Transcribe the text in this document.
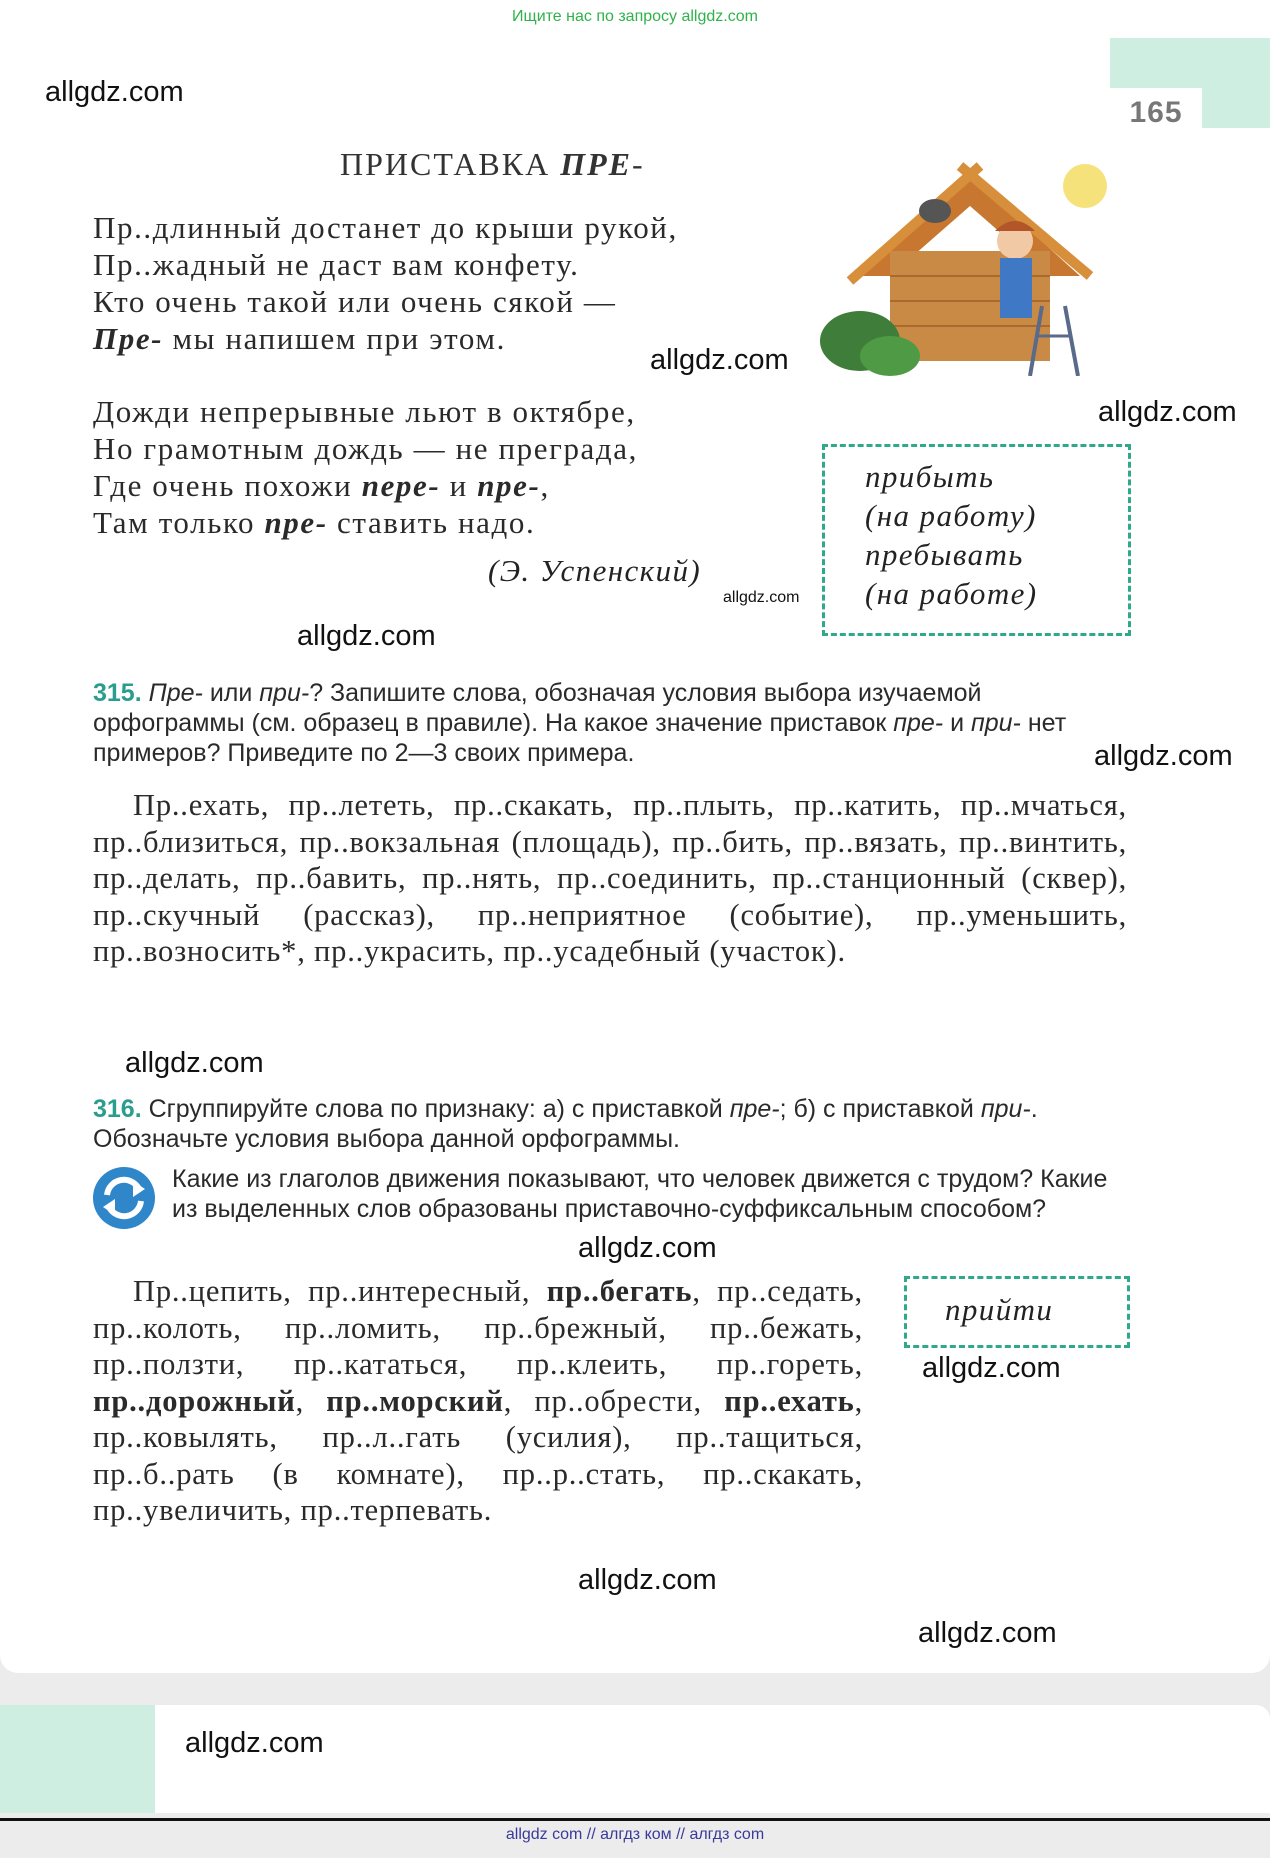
Ищите нас по запросу allgdz.com
165
allgdz.com
allgdz.com
allgdz.com
allgdz.com
allgdz.com
allgdz.com
allgdz.com
allgdz.com
allgdz.com
allgdz.com
allgdz.com
ПРИСТАВКА ПРЕ-
Пр..длинный достанет до крыши рукой,
Пр..жадный не даст вам конфету.
Кто очень такой или очень сякой —
Пре- мы напишем при этом.
Дожди непрерывные льют в октябре,
Но грамотным дождь — не преграда,
Где очень похожи пере- и пре-,
Там только пре- ставить надо.
(Э. Успенский)
прибыть
(на работу)
пребывать
(на работе)
315. Пре- или при-? Запишите слова, обозначая условия выбора изучаемой орфограммы (см. образец в правиле). На какое значение приставок пре- и при- нет примеров? Приведите по 2—3 своих примера.
Пр..ехать, пр..лететь, пр..скакать, пр..плыть, пр..катить, пр..мчаться, пр..близиться, пр..вокзальная (площадь), пр..бить, пр..вязать, пр..винтить, пр..делать, пр..бавить, пр..нять, пр..соединить, пр..станционный (сквер), пр..скучный (рассказ), пр..неприятное (событие), пр..уменьшить, пр..возносить*, пр..украсить, пр..усадебный (участок).
316. Сгруппируйте слова по признаку: а) с приставкой пре-; б) с приставкой при-. Обозначьте условия выбора данной орфограммы.
Какие из глаголов движения показывают, что человек движется с трудом? Какие из выделенных слов образованы приставочно-суффиксальным способом?
Пр..цепить, пр..интересный, пр..бегать, пр..седать, пр..колоть, пр..ломить, пр..брежный, пр..бежать, пр..ползти, пр..кататься, пр..клеить, пр..гореть, пр..дорожный, пр..морский, пр..обрести, пр..ехать, пр..ковылять, пр..л..гать (усилия), пр..тащиться, пр..б..рать (в комнате), пр..р..стать, пр..скакать, пр..увеличить, пр..терпевать.
прийти
allgdz.com
allgdz com // алгдз ком // алгдз com
